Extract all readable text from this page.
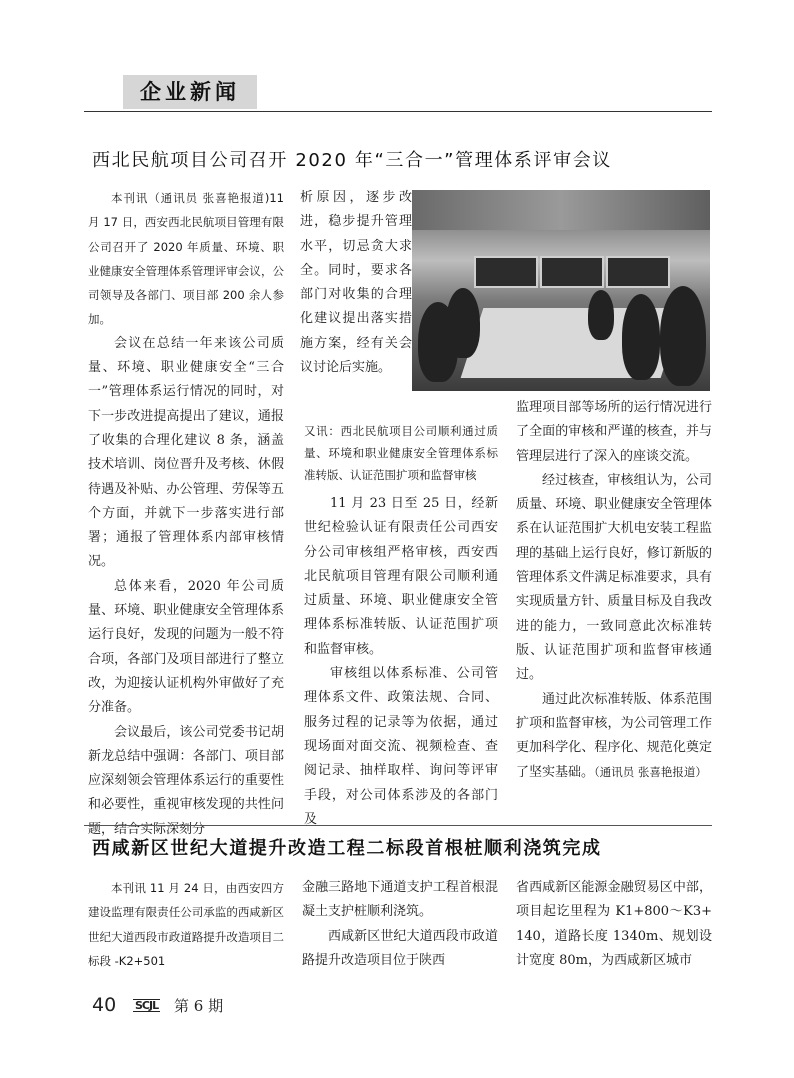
企业新闻
西北民航项目公司召开 2020 年“三合一”管理体系评审会议

本刊讯（通讯员 张喜艳报道)11 月 17 日，西安西北民航项目管理有限公司召开了 2020 年质量、环境、职业健康安全管理体系管理评审会议，公司领导及各部门、项目部 200 余人参加。

会议在总结一年来该公司质量、环境、职业健康安全“三合一”管理体系运行情况的同时，对下一步改进提高提出了建议，通报了收集的合理化建议 8 条，涵盖技术培训、岗位晋升及考核、休假待遇及补贴、办公管理、劳保等五个方面，并就下一步落实进行部署；通报了管理体系内部审核情况。

总体来看，2020 年公司质量、环境、职业健康安全管理体系运行良好，发现的问题为一般不符合项，各部门及项目部进行了整立改，为迎接认证机构外审做好了充分准备。

会议最后，该公司党委书记胡新龙总结中强调：各部门、项目部应深刻领会管理体系运行的重要性和必要性，重视审核发现的共性问题，结合实际深刻分

析原因，逐步改进，稳步提升管理水平，切忌贪大求全。同时，要求各部门对收集的合理化建议提出落实措施方案，经有关会议讨论后实施。

又讯：西北民航项目公司顺利通过质量、环境和职业健康安全管理体系标准转版、认证范围扩项和监督审核

11 月 23 日至 25 日，经新世纪检验认证有限责任公司西安分公司审核组严格审核，西安西北民航项目管理有限公司顺利通过质量、环境、职业健康安全管理体系标准转版、认证范围扩项和监督审核。

审核组以体系标准、公司管理体系文件、政策法规、合同、服务过程的记录等为依据，通过现场面对面交流、视频检查、查阅记录、抽样取样、询问等评审手段，对公司体系涉及的各部门及

监理项目部等场所的运行情况进行了全面的审核和严谨的核查，并与管理层进行了深入的座谈交流。

经过核查，审核组认为，公司质量、环境、职业健康安全管理体系在认证范围扩大机电安装工程监理的基础上运行良好，修订新版的管理体系文件满足标准要求，具有实现质量方针、质量目标及自我改进的能力，一致同意此次标准转版、认证范围扩项和监督审核通过。

通过此次标准转版、体系范围扩项和监督审核，为公司管理工作更加科学化、程序化、规范化奠定了坚实基础。（通讯员 张喜艳报道）

西咸新区世纪大道提升改造工程二标段首根桩顺利浇筑完成

本刊讯 11 月 24 日，由西安四方建设监理有限责任公司承监的西咸新区世纪大道西段市政道路提升改造项目二标段 -K2+501

金融三路地下通道支护工程首根混凝土支护桩顺利浇筑。

西咸新区世纪大道西段市政道路提升改造项目位于陕西

省西咸新区能源金融贸易区中部，项目起讫里程为 K1+800～K3+140，道路长度 1340m、规划设计宽度 80m，为西咸新区城市

40 SCJL 第 6 期
